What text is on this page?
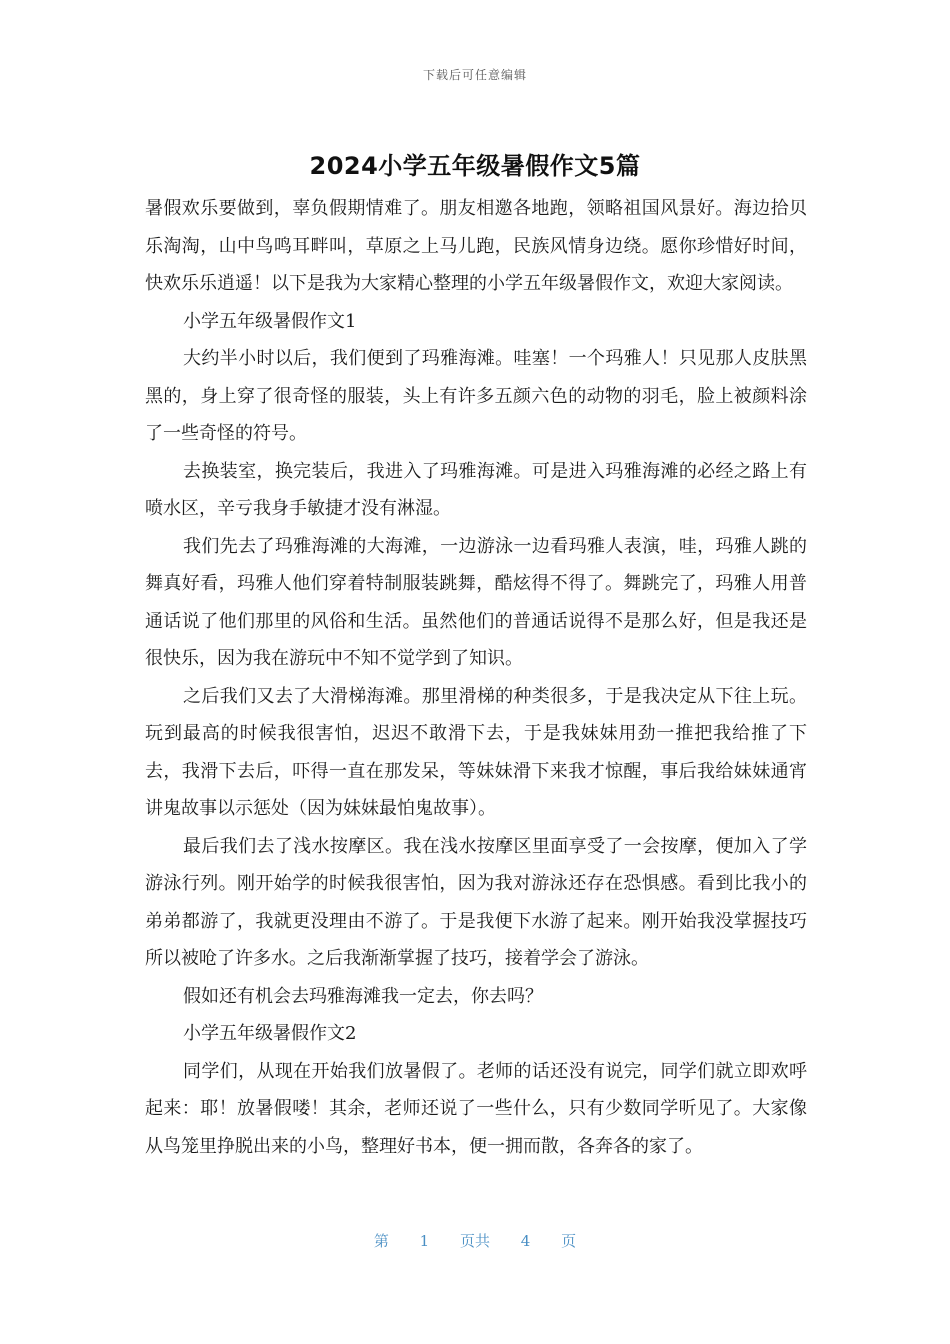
下载后可任意编辑
2024小学五年级暑假作文5篇

暑假欢乐要做到，辜负假期情难了。朋友相邀各地跑，领略祖国风景好。海边拾贝乐淘淘，山中鸟鸣耳畔叫，草原之上马儿跑，民族风情身边绕。愿你珍惜好时间，快欢乐乐逍遥！以下是我为大家精心整理的小学五年级暑假作文，欢迎大家阅读。

小学五年级暑假作文1

大约半小时以后，我们便到了玛雅海滩。哇塞！一个玛雅人！只见那人皮肤黑黑的，身上穿了很奇怪的服装，头上有许多五颜六色的动物的羽毛，脸上被颜料涂了一些奇怪的符号。

去换装室，换完装后，我进入了玛雅海滩。可是进入玛雅海滩的必经之路上有喷水区，辛亏我身手敏捷才没有淋湿。

我们先去了玛雅海滩的大海滩，一边游泳一边看玛雅人表演，哇，玛雅人跳的舞真好看，玛雅人他们穿着特制服装跳舞，酷炫得不得了。舞跳完了，玛雅人用普通话说了他们那里的风俗和生活。虽然他们的普通话说得不是那么好，但是我还是很快乐，因为我在游玩中不知不觉学到了知识。

之后我们又去了大滑梯海滩。那里滑梯的种类很多，于是我决定从下往上玩。玩到最高的时候我很害怕，迟迟不敢滑下去，于是我妹妹用劲一推把我给推了下去，我滑下去后，吓得一直在那发呆，等妹妹滑下来我才惊醒，事后我给妹妹通宵讲鬼故事以示惩处（因为妹妹最怕鬼故事）。

最后我们去了浅水按摩区。我在浅水按摩区里面享受了一会按摩，便加入了学游泳行列。刚开始学的时候我很害怕，因为我对游泳还存在恐惧感。看到比我小的弟弟都游了，我就更没理由不游了。于是我便下水游了起来。刚开始我没掌握技巧所以被呛了许多水。之后我渐渐掌握了技巧，接着学会了游泳。

假如还有机会去玛雅海滩我一定去，你去吗？

小学五年级暑假作文2

同学们，从现在开始我们放暑假了。老师的话还没有说完，同学们就立即欢呼起来：耶！放暑假喽！其余，老师还说了一些什么，只有少数同学听见了。大家像从鸟笼里挣脱出来的小鸟，整理好书本，便一拥而散，各奔各的家了。

第 1 页共 4 页
